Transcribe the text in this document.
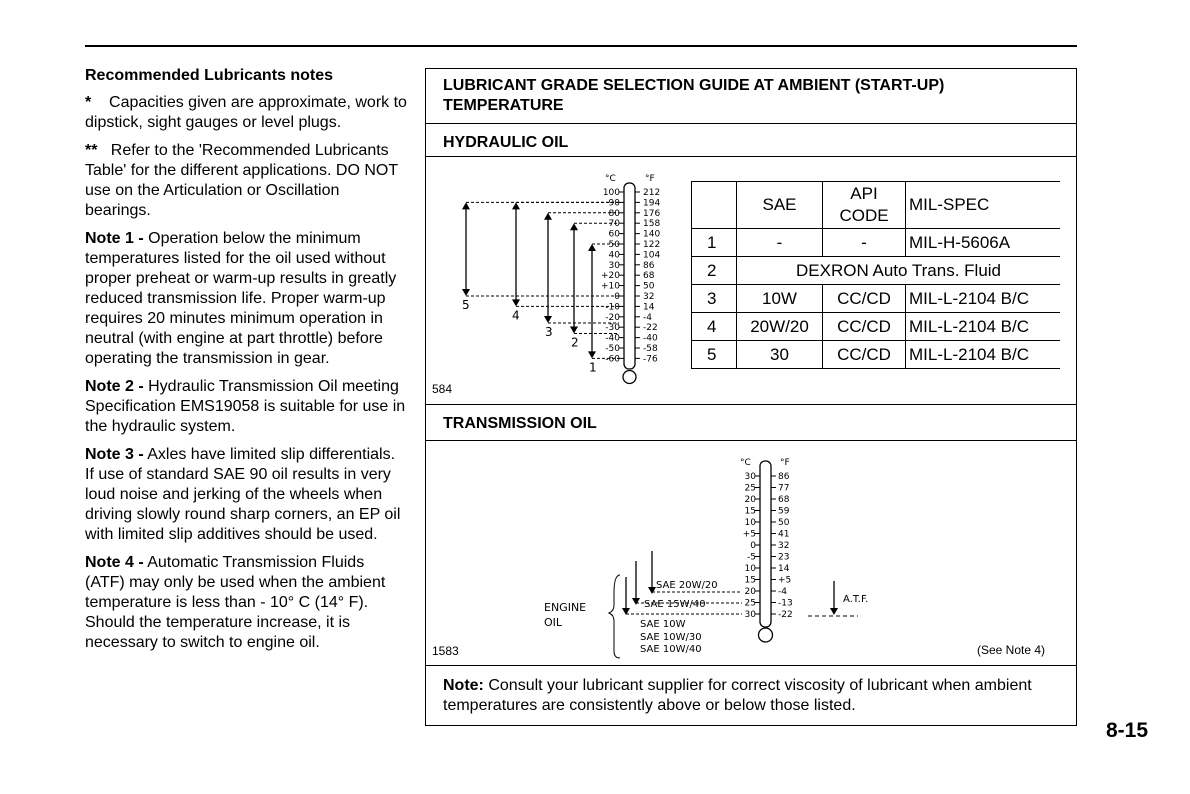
Recommended Lubricants notes

* Capacities given are approximate, work to dipstick, sight gauges or level plugs.

** Refer to the 'Recommended Lubricants Table' for the different applications. DO NOT use on the Articulation or Oscillation bearings.

Note 1 - Operation below the minimum temperatures listed for the oil used without proper preheat or warm-up results in greatly reduced transmission life. Proper warm-up requires 20 minutes minimum operation in neutral (with engine at part throttle) before operating the transmission in gear.

Note 2 - Hydraulic Transmission Oil meeting Specification EMS19058 is suitable for use in the hydraulic system.

Note 3 - Axles have limited slip differentials. If use of standard SAE 90 oil results in very loud noise and jerking of the wheels when driving slowly round sharp corners, an EP oil with limited slip additives should be used.

Note 4 - Automatic Transmission Fluids (ATF) may only be used when the ambient temperature is less than - 10° C (14° F). Should the temperature increase, it is necessary to switch to engine oil.

LUBRICANT GRADE SELECTION GUIDE AT AMBIENT (START-UP)
TEMPERATURE
HYDRAULIC OIL
°C	°F
100	212
90	194
80	176
70	158
60	140
50	122
40	104
30	86
+20	68
+10	50
0	32
-10	14
-20	-4
-30	-22
-40	-40
-50	-58
-60	-76
5
4
3
2
1
	SAE	API CODE	MIL-SPEC
1	-	-	MIL-H-5606A
2	DEXRON Auto Trans. Fluid		
3	10W	CC/CD	MIL-L-2104 B/C
4	20W/20	CC/CD	MIL-L-2104 B/C
5	30	CC/CD	MIL-L-2104 B/C
584
TRANSMISSION OIL
°C	°F
30 86
25 77
20 68
15 59
10 50
+5 41
0 32
-5 23
10 14
15 +5
20 -4
25 -13
30 -22
SAE 20W/20
SAE 15W/40
ENGINE
OIL	SAE 10W
SAE 10W/30
SAE 10W/40
A.T.F.
1583	(See Note 4)
Note: Consult your lubricant supplier for correct viscosity of lubricant when ambient temperatures are consistently above or below those listed.
8-15
